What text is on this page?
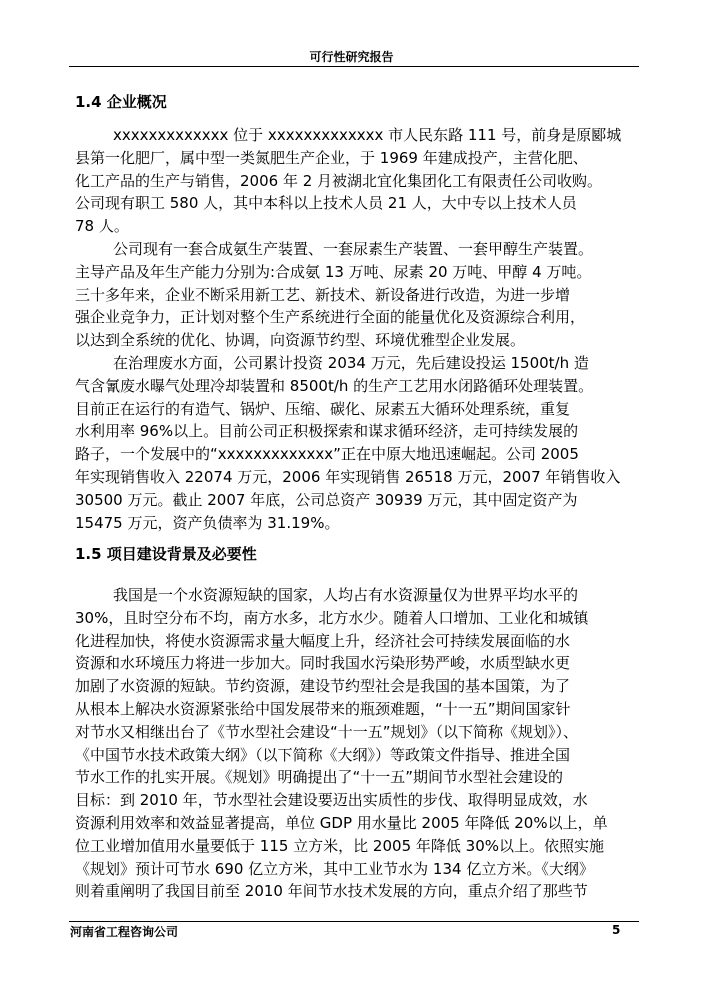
可行性研究报告
1.4 企业概况
xxxxxxxxxxxxx 位于 xxxxxxxxxxxxx 市人民东路 111 号，前身是原郾城
县第一化肥厂，属中型一类氮肥生产企业，于 1969 年建成投产，主营化肥、
化工产品的生产与销售，2006 年 2 月被湖北宜化集团化工有限责任公司收购。
公司现有职工 580 人，其中本科以上技术人员 21 人，大中专以上技术人员
78 人。
公司现有一套合成氨生产装置、一套尿素生产装置、一套甲醇生产装置。
主导产品及年生产能力分别为:合成氨 13 万吨、尿素 20 万吨、甲醇 4 万吨。
三十多年来，企业不断采用新工艺、新技术、新设备进行改造，为进一步增
强企业竞争力，正计划对整个生产系统进行全面的能量优化及资源综合利用，
以达到全系统的优化、协调，向资源节约型、环境优雅型企业发展。
在治理废水方面，公司累计投资 2034 万元，先后建设投运 1500t/h 造
气含氰废水曝气处理冷却装置和 8500t/h 的生产工艺用水闭路循环处理装置。
目前正在运行的有造气、锅炉、压缩、碳化、尿素五大循环处理系统，重复
水利用率 96%以上。目前公司正积极探索和谋求循环经济，走可持续发展的
路子，一个发展中的“xxxxxxxxxxxxx”正在中原大地迅速崛起。公司 2005
年实现销售收入 22074 万元，2006 年实现销售 26518 万元，2007 年销售收入
30500 万元。截止 2007 年底，公司总资产 30939 万元，其中固定资产为
15475 万元，资产负债率为 31.19%。
1.5 项目建设背景及必要性
我国是一个水资源短缺的国家，人均占有水资源量仅为世界平均水平的
30%，且时空分布不均，南方水多，北方水少。随着人口增加、工业化和城镇
化进程加快，将使水资源需求量大幅度上升，经济社会可持续发展面临的水
资源和水环境压力将进一步加大。同时我国水污染形势严峻，水质型缺水更
加剧了水资源的短缺。节约资源，建设节约型社会是我国的基本国策，为了
从根本上解决水资源紧张给中国发展带来的瓶颈难题，“十一五”期间国家针
对节水又相继出台了《节水型社会建设“十一五”规划》（以下简称《规划》）、
《中国节水技术政策大纲》（以下简称《大纲》）等政策文件指导、推进全国
节水工作的扎实开展。《规划》明确提出了“十一五”期间节水型社会建设的
目标：到 2010 年，节水型社会建设要迈出实质性的步伐、取得明显成效，水
资源利用效率和效益显著提高，单位 GDP 用水量比 2005 年降低 20%以上，单
位工业增加值用水量要低于 115 立方米，比 2005 年降低 30%以上。依照实施
《规划》预计可节水 690 亿立方米，其中工业节水为 134 亿立方米。《大纲》
则着重阐明了我国目前至 2010 年间节水技术发展的方向，重点介绍了那些节
河南省工程咨询公司	5
